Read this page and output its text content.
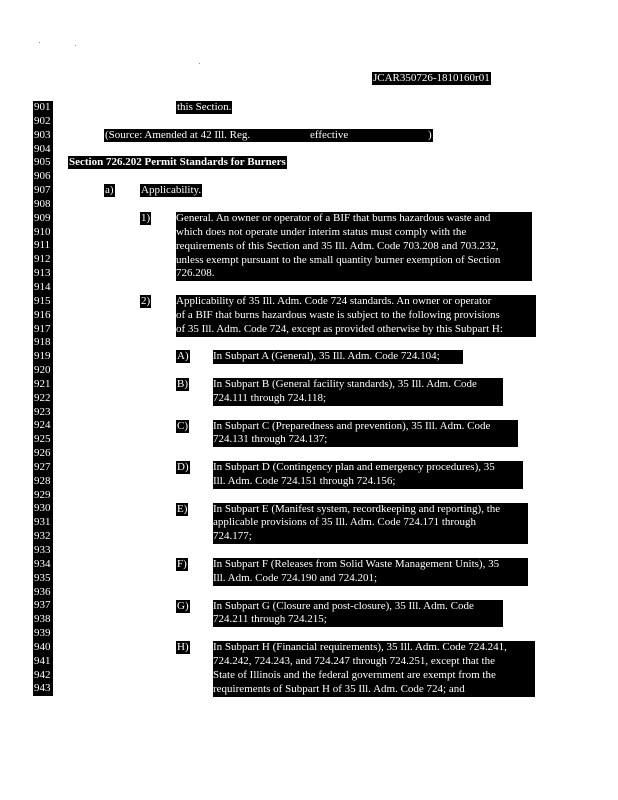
JCAR350726-1810160r01
901
902
903
904
905
906
907
908
909
910
911
912
913
914
915
916
917
918
919
920
921
922
923
924
925
926
927
928
929
930
931
932
933
934
935
936
937
938
939
940
941
942
943
this Section.
(Source: Amended at 42 Ill. Reg.	effective	)
Section 726.202 Permit Standards for Burners
a) Applicability.
1) General. An owner or operator of a BIF that burns hazardous waste and
which does not operate under interim status must comply with the
requirements of this Section and 35 Ill. Adm. Code 703.208 and 703.232,
unless exempt pursuant to the small quantity burner exemption of Section
726.208.
2) Applicability of 35 Ill. Adm. Code 724 standards. An owner or operator
of a BIF that burns hazardous waste is subject to the following provisions
of 35 Ill. Adm. Code 724, except as provided otherwise by this Subpart H:
A) In Subpart A (General), 35 Ill. Adm. Code 724.104;
B) In Subpart B (General facility standards), 35 Ill. Adm. Code
724.111 through 724.118;
C) In Subpart C (Preparedness and prevention), 35 Ill. Adm. Code
724.131 through 724.137;
D) In Subpart D (Contingency plan and emergency procedures), 35
Ill. Adm. Code 724.151 through 724.156;
E) In Subpart E (Manifest system, recordkeeping and reporting), the
applicable provisions of 35 Ill. Adm. Code 724.171 through
724.177;
F) In Subpart F (Releases from Solid Waste Management Units), 35
Ill. Adm. Code 724.190 and 724.201;
G) In Subpart G (Closure and post-closure), 35 Ill. Adm. Code
724.211 through 724.215;
H) In Subpart H (Financial requirements), 35 Ill. Adm. Code 724.241,
724.242, 724.243, and 724.247 through 724.251, except that the
State of Illinois and the federal government are exempt from the
requirements of Subpart H of 35 Ill. Adm. Code 724; and
